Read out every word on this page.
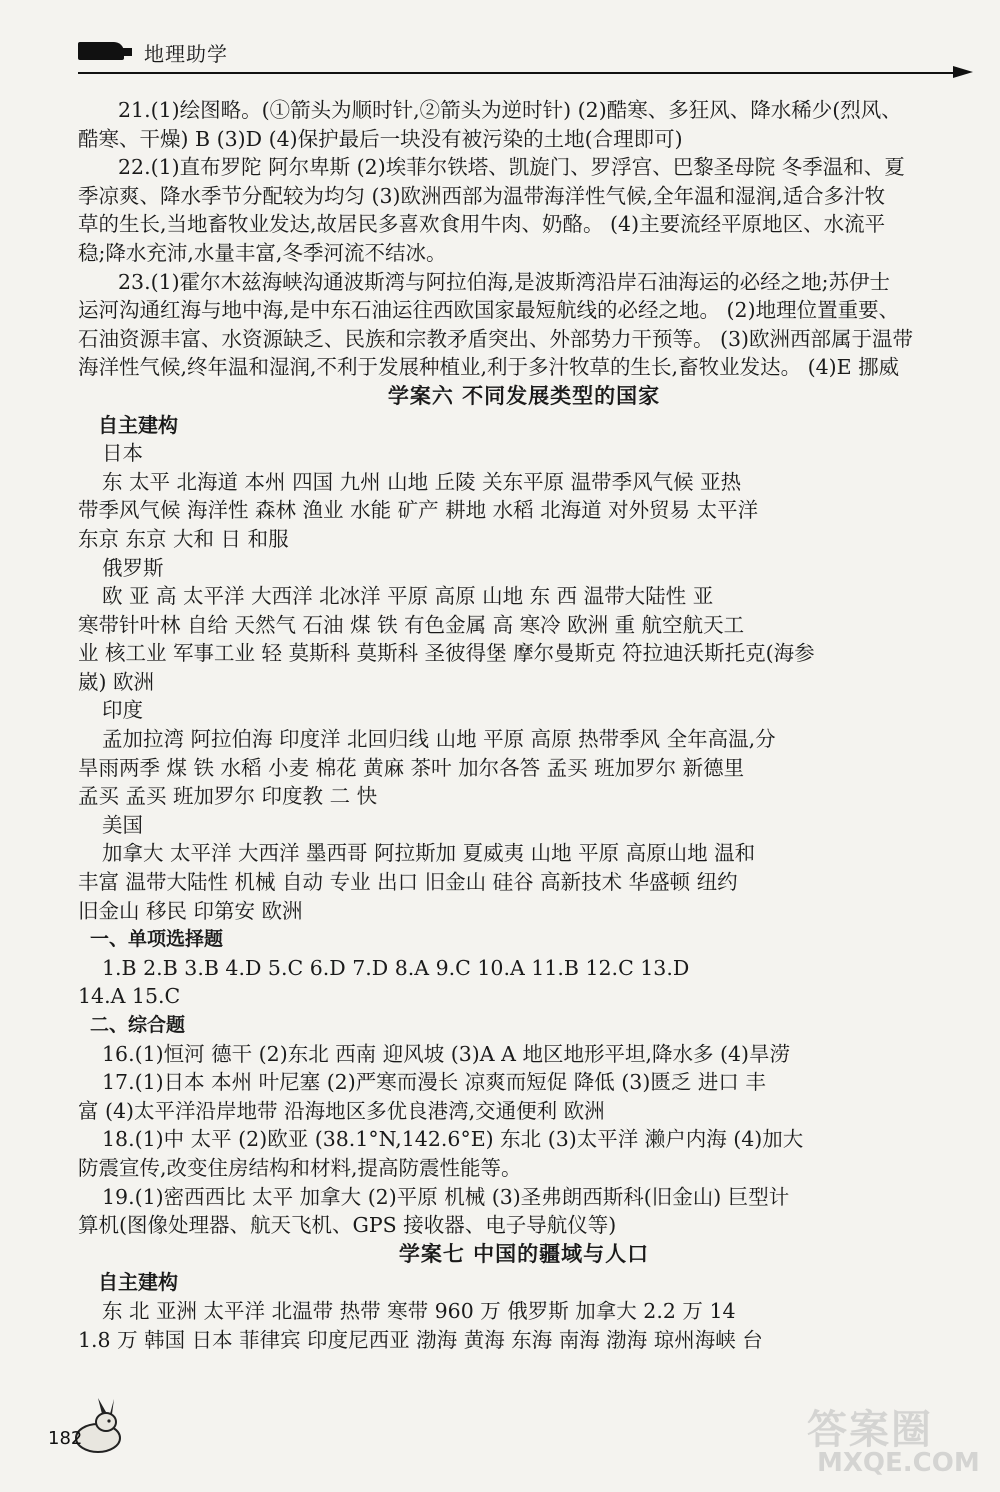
地理助学
21.(1)绘图略。(①箭头为顺时针,②箭头为逆时针) (2)酷寒、多狂风、降水稀少(烈风、
酷寒、干燥) B (3)D (4)保护最后一块没有被污染的土地(合理即可)
22.(1)直布罗陀 阿尔卑斯 (2)埃菲尔铁塔、凯旋门、罗浮宫、巴黎圣母院 冬季温和、夏
季凉爽、降水季节分配较为均匀 (3)欧洲西部为温带海洋性气候,全年温和湿润,适合多汁牧
草的生长,当地畜牧业发达,故居民多喜欢食用牛肉、奶酪。 (4)主要流经平原地区、水流平
稳;降水充沛,水量丰富,冬季河流不结冰。
23.(1)霍尔木兹海峡沟通波斯湾与阿拉伯海,是波斯湾沿岸石油海运的必经之地;苏伊士
运河沟通红海与地中海,是中东石油运往西欧国家最短航线的必经之地。 (2)地理位置重要、
石油资源丰富、水资源缺乏、民族和宗教矛盾突出、外部势力干预等。 (3)欧洲西部属于温带
海洋性气候,终年温和湿润,不利于发展种植业,利于多汁牧草的生长,畜牧业发达。 (4)E 挪威
学案六 不同发展类型的国家
自主建构
日本
东 太平 北海道 本州 四国 九州 山地 丘陵 关东平原 温带季风气候 亚热
带季风气候 海洋性 森林 渔业 水能 矿产 耕地 水稻 北海道 对外贸易 太平洋
东京 东京 大和 日 和服
俄罗斯
欧 亚 高 太平洋 大西洋 北冰洋 平原 高原 山地 东 西 温带大陆性 亚
寒带针叶林 自给 天然气 石油 煤 铁 有色金属 高 寒冷 欧洲 重 航空航天工
业 核工业 军事工业 轻 莫斯科 莫斯科 圣彼得堡 摩尔曼斯克 符拉迪沃斯托克(海参
崴) 欧洲
印度
孟加拉湾 阿拉伯海 印度洋 北回归线 山地 平原 高原 热带季风 全年高温,分
旱雨两季 煤 铁 水稻 小麦 棉花 黄麻 茶叶 加尔各答 孟买 班加罗尔 新德里
孟买 孟买 班加罗尔 印度教 二 快
美国
加拿大 太平洋 大西洋 墨西哥 阿拉斯加 夏威夷 山地 平原 高原山地 温和
丰富 温带大陆性 机械 自动 专业 出口 旧金山 硅谷 高新技术 华盛顿 纽约
旧金山 移民 印第安 欧洲
一、单项选择题
1.B 2.B 3.B 4.D 5.C 6.D 7.D 8.A 9.C 10.A 11.B 12.C 13.D
14.A 15.C
二、综合题
16.(1)恒河 德干 (2)东北 西南 迎风坡 (3)A A 地区地形平坦,降水多 (4)旱涝
17.(1)日本 本州 叶尼塞 (2)严寒而漫长 凉爽而短促 降低 (3)匮乏 进口 丰
富 (4)太平洋沿岸地带 沿海地区多优良港湾,交通便利 欧洲
18.(1)中 太平 (2)欧亚 (38.1°N,142.6°E) 东北 (3)太平洋 濑户内海 (4)加大
防震宣传,改变住房结构和材料,提高防震性能等。
19.(1)密西西比 太平 加拿大 (2)平原 机械 (3)圣弗朗西斯科(旧金山) 巨型计
算机(图像处理器、航天飞机、GPS 接收器、电子导航仪等)
学案七 中国的疆域与人口
自主建构
东 北 亚洲 太平洋 北温带 热带 寒带 960 万 俄罗斯 加拿大 2.2 万 14
1.8 万 韩国 日本 菲律宾 印度尼西亚 渤海 黄海 东海 南海 渤海 琼州海峡 台
182	答案圈
MXQE.COM
